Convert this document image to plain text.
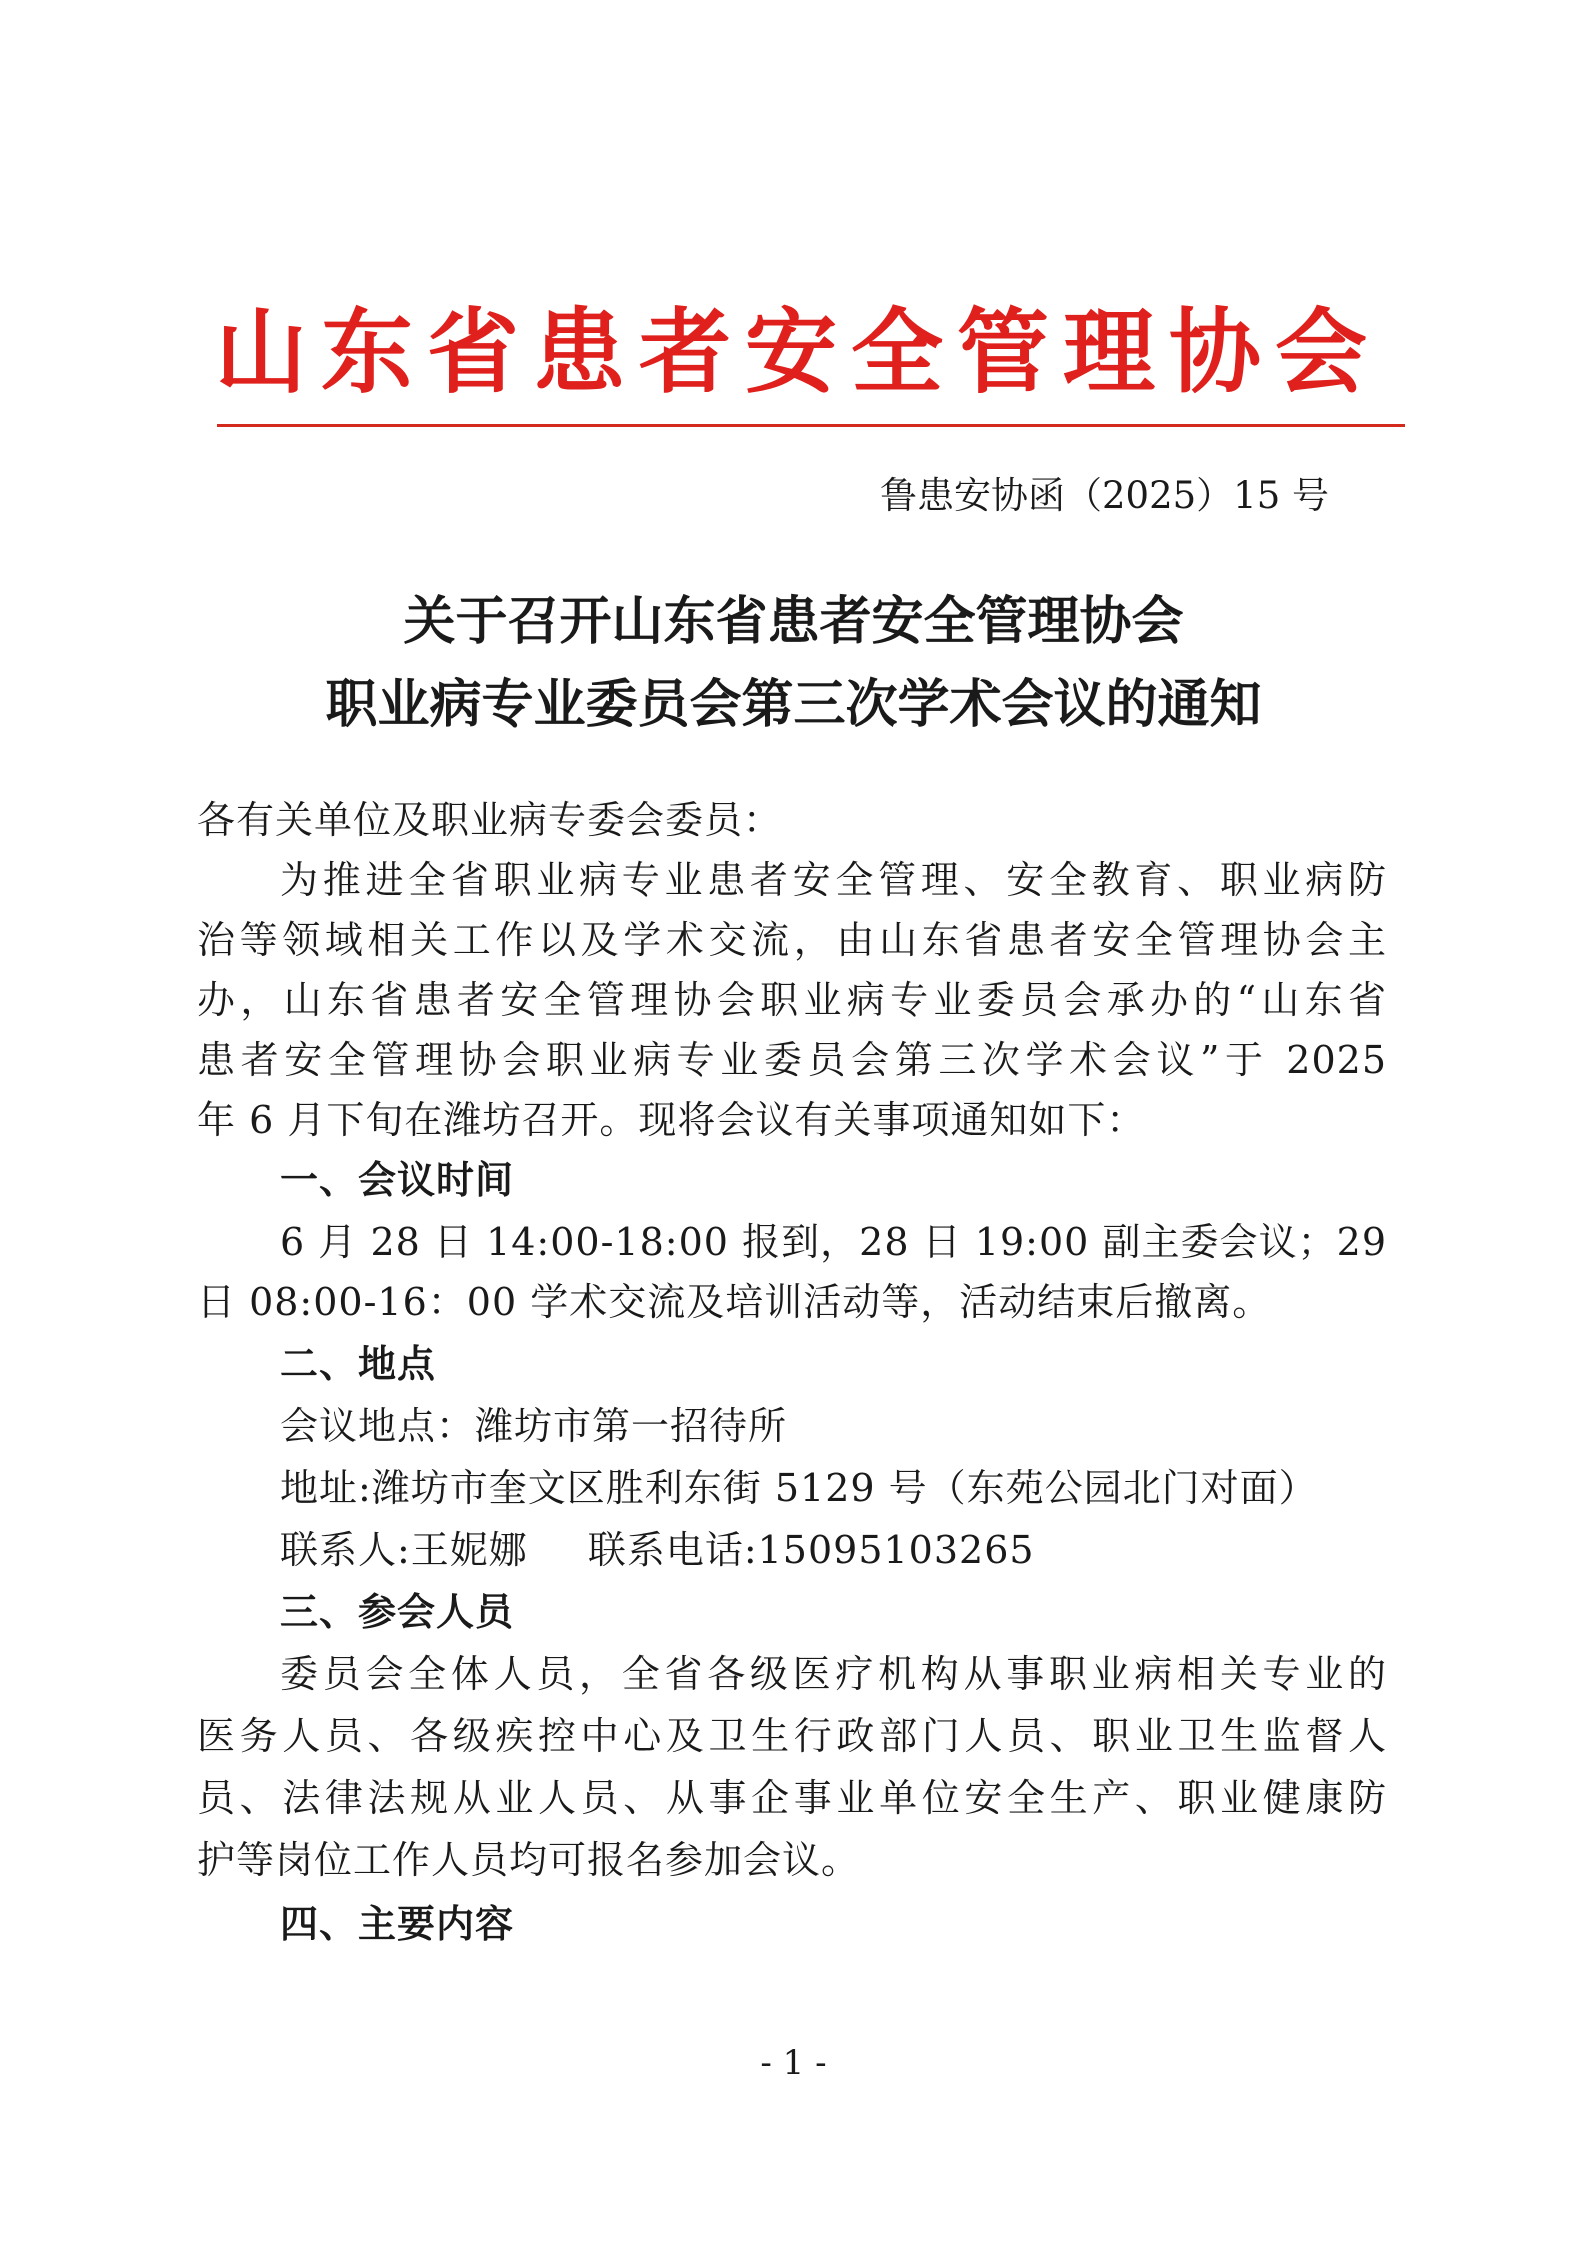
山东省患者安全管理协会
鲁患安协函（2025）15 号
关于召开山东省患者安全管理协会
职业病专业委员会第三次学术会议的通知
各有关单位及职业病专委会委员：
为推进全省职业病专业患者安全管理、安全教育、职业病防
治等领域相关工作以及学术交流，由山东省患者安全管理协会主
办，山东省患者安全管理协会职业病专业委员会承办的“山东省
患者安全管理协会职业病专业委员会第三次学术会议”于 2025
年 6 月下旬在潍坊召开。现将会议有关事项通知如下：
一、会议时间
6 月 28 日 14:00-18:00 报到，28 日 19:00 副主委会议；29
日 08:00-16：00 学术交流及培训活动等，活动结束后撤离。
二、地点
会议地点：潍坊市第一招待所
地址:潍坊市奎文区胜利东街 5129 号（东苑公园北门对面）
联系人:王妮娜 联系电话:15095103265
三、参会人员
委员会全体人员，全省各级医疗机构从事职业病相关专业的
医务人员、各级疾控中心及卫生行政部门人员、职业卫生监督人
员、法律法规从业人员、从事企事业单位安全生产、职业健康防
护等岗位工作人员均可报名参加会议。
四、主要内容
- 1 -
